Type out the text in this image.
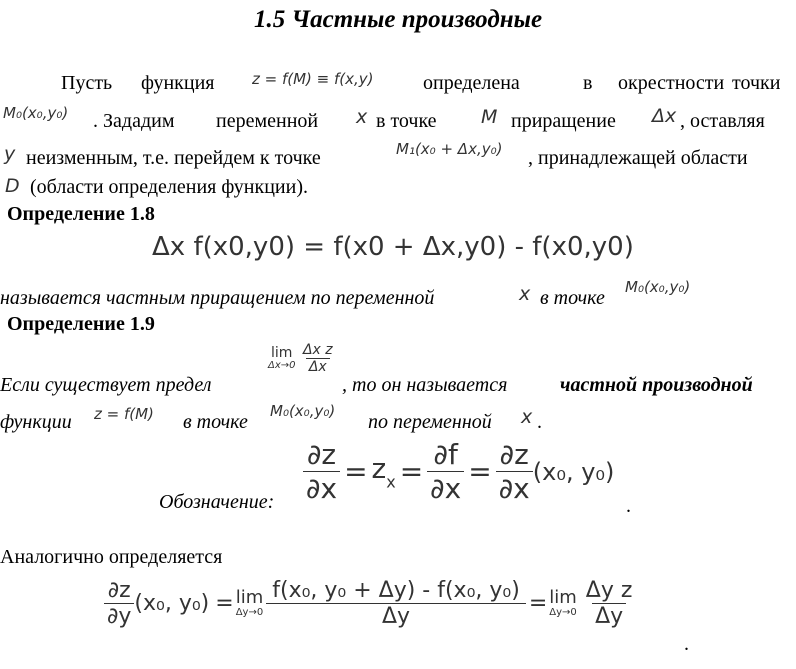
1.5 Частные производные
Пусть функция	z = f(M) ≡ f(x,y) определена	в окрестности точки
M₀(x₀,y₀) . Зададим переменной x в точке M приращение Δx , оставляя
y неизменным, т.е. перейдем к точке	M₁(x₀ + Δx,y₀) , принадлежащей области
D (области определения функции).
Определение 1.8
Δx f(x0,y0) = f(x0 + Δx,y0) - f(x0,y0)
называется частным приращением по переменной	x в точке M₀(x₀,y₀)
Определение 1.9
Если существует предел
lim
Δx→0
$\frac{\text{Δx z}}{\Delta x}$
, то он называется	частной производной
функции z = f(M) в точке M₀(x₀,y₀) по переменной x .
Обозначение: $\frac{\partial z}{\partial x} = z_x = \frac{\partial f}{\partial x} = \frac{\partial z}{\partial x} (x_0$, y₀)
.
Аналогично определяется
$\frac{\partial z}{\partial y} (x_0$, y₀) = lim
$\Delta y\to 0 \frac{\text{f(x₀, y₀ + Δy) - f(x₀, y₀)}}{\Delta y} = \lim$
$\Delta y\to 0 \frac{\text{Δy z}}{\Delta y}$
.
